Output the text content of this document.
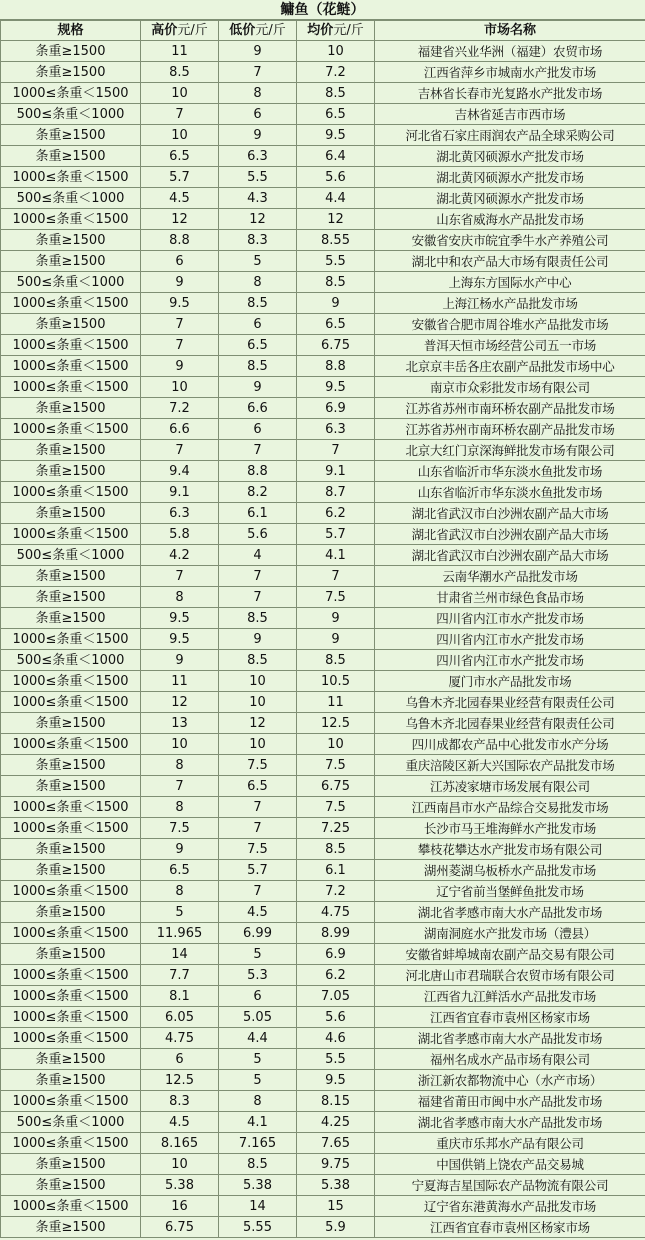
鳙鱼（花鲢）
规格	高价元/斤	低价元/斤	均价元/斤	市场名称
条重≥1500	11	9	10	福建省兴业华洲（福建）农贸市场
条重≥1500	8.5	7	7.2	江西省萍乡市城南水产批发市场
1000≤条重＜1500	10	8	8.5	吉林省长春市光复路水产批发市场
500≤条重＜1000	7	6	6.5	吉林省延吉市西市场
条重≥1500	10	9	9.5	河北省石家庄雨润农产品全球采购公司
条重≥1500	6.5	6.3	6.4	湖北黄冈硕源水产批发市场
1000≤条重＜1500	5.7	5.5	5.6	湖北黄冈硕源水产批发市场
500≤条重＜1000	4.5	4.3	4.4	湖北黄冈硕源水产批发市场
1000≤条重＜1500	12	12	12	山东省威海水产品批发市场
条重≥1500	8.8	8.3	8.55	安徽省安庆市皖宜季牛水产养殖公司
条重≥1500	6	5	5.5	湖北中和农产品大市场有限责任公司
500≤条重＜1000	9	8	8.5	上海东方国际水产中心
1000≤条重＜1500	9.5	8.5	9	上海江杨水产品批发市场
条重≥1500	7	6	6.5	安徽省合肥市周谷堆水产品批发市场
1000≤条重＜1500	7	6.5	6.75	普洱天恒市场经营公司五一市场
1000≤条重＜1500	9	8.5	8.8	北京京丰岳各庄农副产品批发市场中心
1000≤条重＜1500	10	9	9.5	南京市众彩批发市场有限公司
条重≥1500	7.2	6.6	6.9	江苏省苏州市南环桥农副产品批发市场
1000≤条重＜1500	6.6	6	6.3	江苏省苏州市南环桥农副产品批发市场
条重≥1500	7	7	7	北京大红门京深海鲜批发市场有限公司
条重≥1500	9.4	8.8	9.1	山东省临沂市华东淡水鱼批发市场
1000≤条重＜1500	9.1	8.2	8.7	山东省临沂市华东淡水鱼批发市场
条重≥1500	6.3	6.1	6.2	湖北省武汉市白沙洲农副产品大市场
1000≤条重＜1500	5.8	5.6	5.7	湖北省武汉市白沙洲农副产品大市场
500≤条重＜1000	4.2	4	4.1	湖北省武汉市白沙洲农副产品大市场
条重≥1500	7	7	7	云南华潮水产品批发市场
条重≥1500	8	7	7.5	甘肃省兰州市绿色食品市场
条重≥1500	9.5	8.5	9	四川省内江市水产批发市场
1000≤条重＜1500	9.5	9	9	四川省内江市水产批发市场
500≤条重＜1000	9	8.5	8.5	四川省内江市水产批发市场
1000≤条重＜1500	11	10	10.5	厦门市水产品批发市场
1000≤条重＜1500	12	10	11	乌鲁木齐北园春果业经营有限责任公司
条重≥1500	13	12	12.5	乌鲁木齐北园春果业经营有限责任公司
1000≤条重＜1500	10	10	10	四川成都农产品中心批发市水产分场
条重≥1500	8	7.5	7.5	重庆涪陵区新大兴国际农产品批发市场
条重≥1500	7	6.5	6.75	江苏凌家塘市场发展有限公司
1000≤条重＜1500	8	7	7.5	江西南昌市水产品综合交易批发市场
1000≤条重＜1500	7.5	7	7.25	长沙市马王堆海鲜水产批发市场
条重≥1500	9	7.5	8.5	攀枝花攀达水产批发市场有限公司
条重≥1500	6.5	5.7	6.1	湖州菱湖乌板桥水产品批发市场
1000≤条重＜1500	8	7	7.2	辽宁省前当堡鲜鱼批发市场
条重≥1500	5	4.5	4.75	湖北省孝感市南大水产品批发市场
1000≤条重＜1500	11.965	6.99	8.99	湖南洞庭水产批发市场（澧县）
条重≥1500	14	5	6.9	安徽省蚌埠城南农副产品交易有限公司
1000≤条重＜1500	7.7	5.3	6.2	河北唐山市君瑞联合农贸市场有限公司
1000≤条重＜1500	8.1	6	7.05	江西省九江鲜活水产品批发市场
1000≤条重＜1500	6.05	5.05	5.6	江西省宜春市袁州区杨家市场
1000≤条重＜1500	4.75	4.4	4.6	湖北省孝感市南大水产品批发市场
条重≥1500	6	5	5.5	福州名成水产品市场有限公司
条重≥1500	12.5	5	9.5	浙江新农都物流中心（水产市场）
1000≤条重＜1500	8.3	8	8.15	福建省莆田市闽中水产品批发市场
500≤条重＜1000	4.5	4.1	4.25	湖北省孝感市南大水产品批发市场
1000≤条重＜1500	8.165	7.165	7.65	重庆市乐邦水产品有限公司
条重≥1500	10	8.5	9.75	中国供销上饶农产品交易城
条重≥1500	5.38	5.38	5.38	宁夏海吉星国际农产品物流有限公司
1000≤条重＜1500	16	14	15	辽宁省东港黄海水产品批发市场
条重≥1500	6.75	5.55	5.9	江西省宜春市袁州区杨家市场
